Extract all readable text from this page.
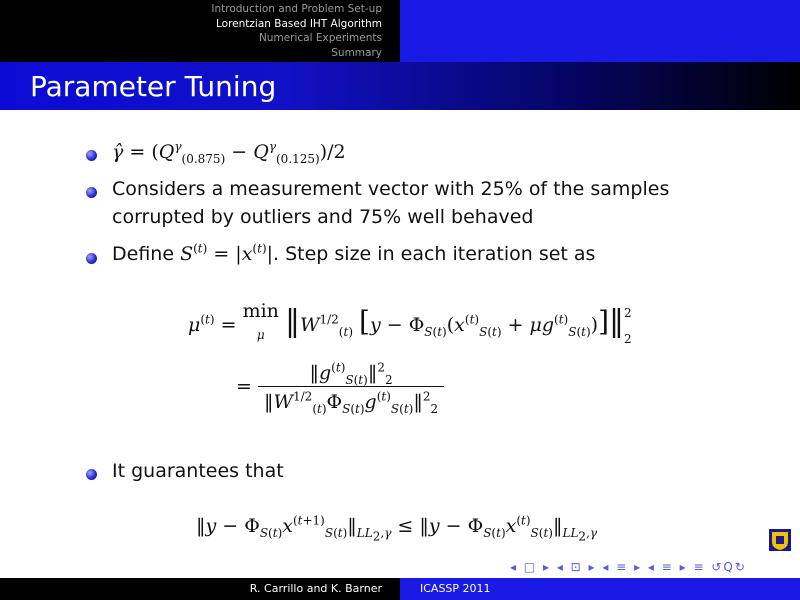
Introduction and Problem Set-up
Lorentzian Based IHT Algorithm
Numerical Experiments
Summary
Parameter Tuning
γ̂ = $(Q^\gamma_{(0.875)} - Q^\gamma_{(0.125)})/2$
Considers a measurement vector with 25% of the samples
corrupted by outliers and 75% well behaved
Define $S^{(t)} = |x^{(t)}|$. Step size in each iteration set as
$\mu^{(t)} = \min$
μ $‖W^{1/2}_{(t)}$ [$y - \Phi_{S(t)}(x^{(t)}_{S(t)}$ + $\mu g^{(t)}_{S(t)})]‖2$
2
= $\frac{‖g^{(t)}_{S(t)}‖^2_2}{‖W^{1/2}_{(t)}\Phi_{S(t)}g^{(t)}_{S(t)}‖^2_2}$
It guarantees that
‖y − $\Phi_{S(t)}x^{(t+1)}_{S(t)}‖_{LL_2,\gamma}$ ≤ ‖y − $\Phi_{S(t)}x^{(t)}_{S(t)}‖_{LL_2,\gamma}$
◂ □ ▸ ◂ ⊡ ▸ ◂ ≡ ▸ ◂ ≡ ▸ ≡ ↺Q↻
R. Carrillo and K. Barner	ICASSP 2011
